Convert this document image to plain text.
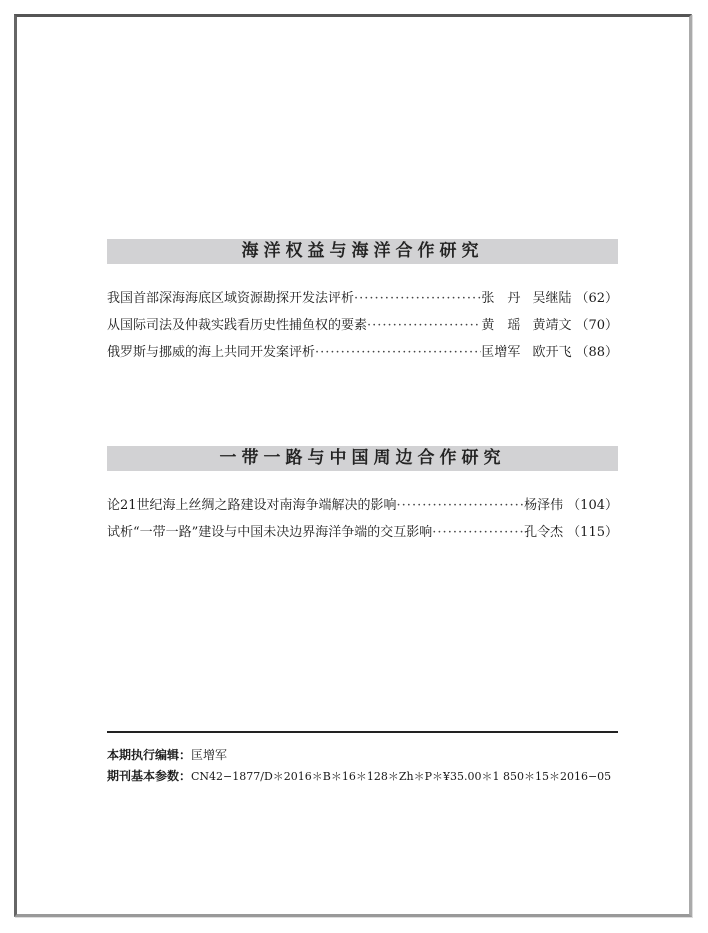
海洋权益与海洋合作研究
我国首部深海海底区域资源勘探开发法评析 ·····	张　丹 吴继陆 （62）
从国际司法及仲裁实践看历史性捕鱼权的要素 ·····	黄　瑶 黄靖文 （70）
俄罗斯与挪威的海上共同开发案评析 ·····	匡增军 欧开飞 （88）
一带一路与中国周边合作研究
论21世纪海上丝绸之路建设对南海争端解决的影响 ·····	杨泽伟 （104）
试析“一带一路”建设与中国未决边界海洋争端的交互影响 ·····	孔令杰 （115）
本期执行编辑：匡增军
期刊基本参数：CN42−1877/D＊2016＊B＊16＊128＊Zh＊P＊¥35.00＊1 850＊15＊2016−05
